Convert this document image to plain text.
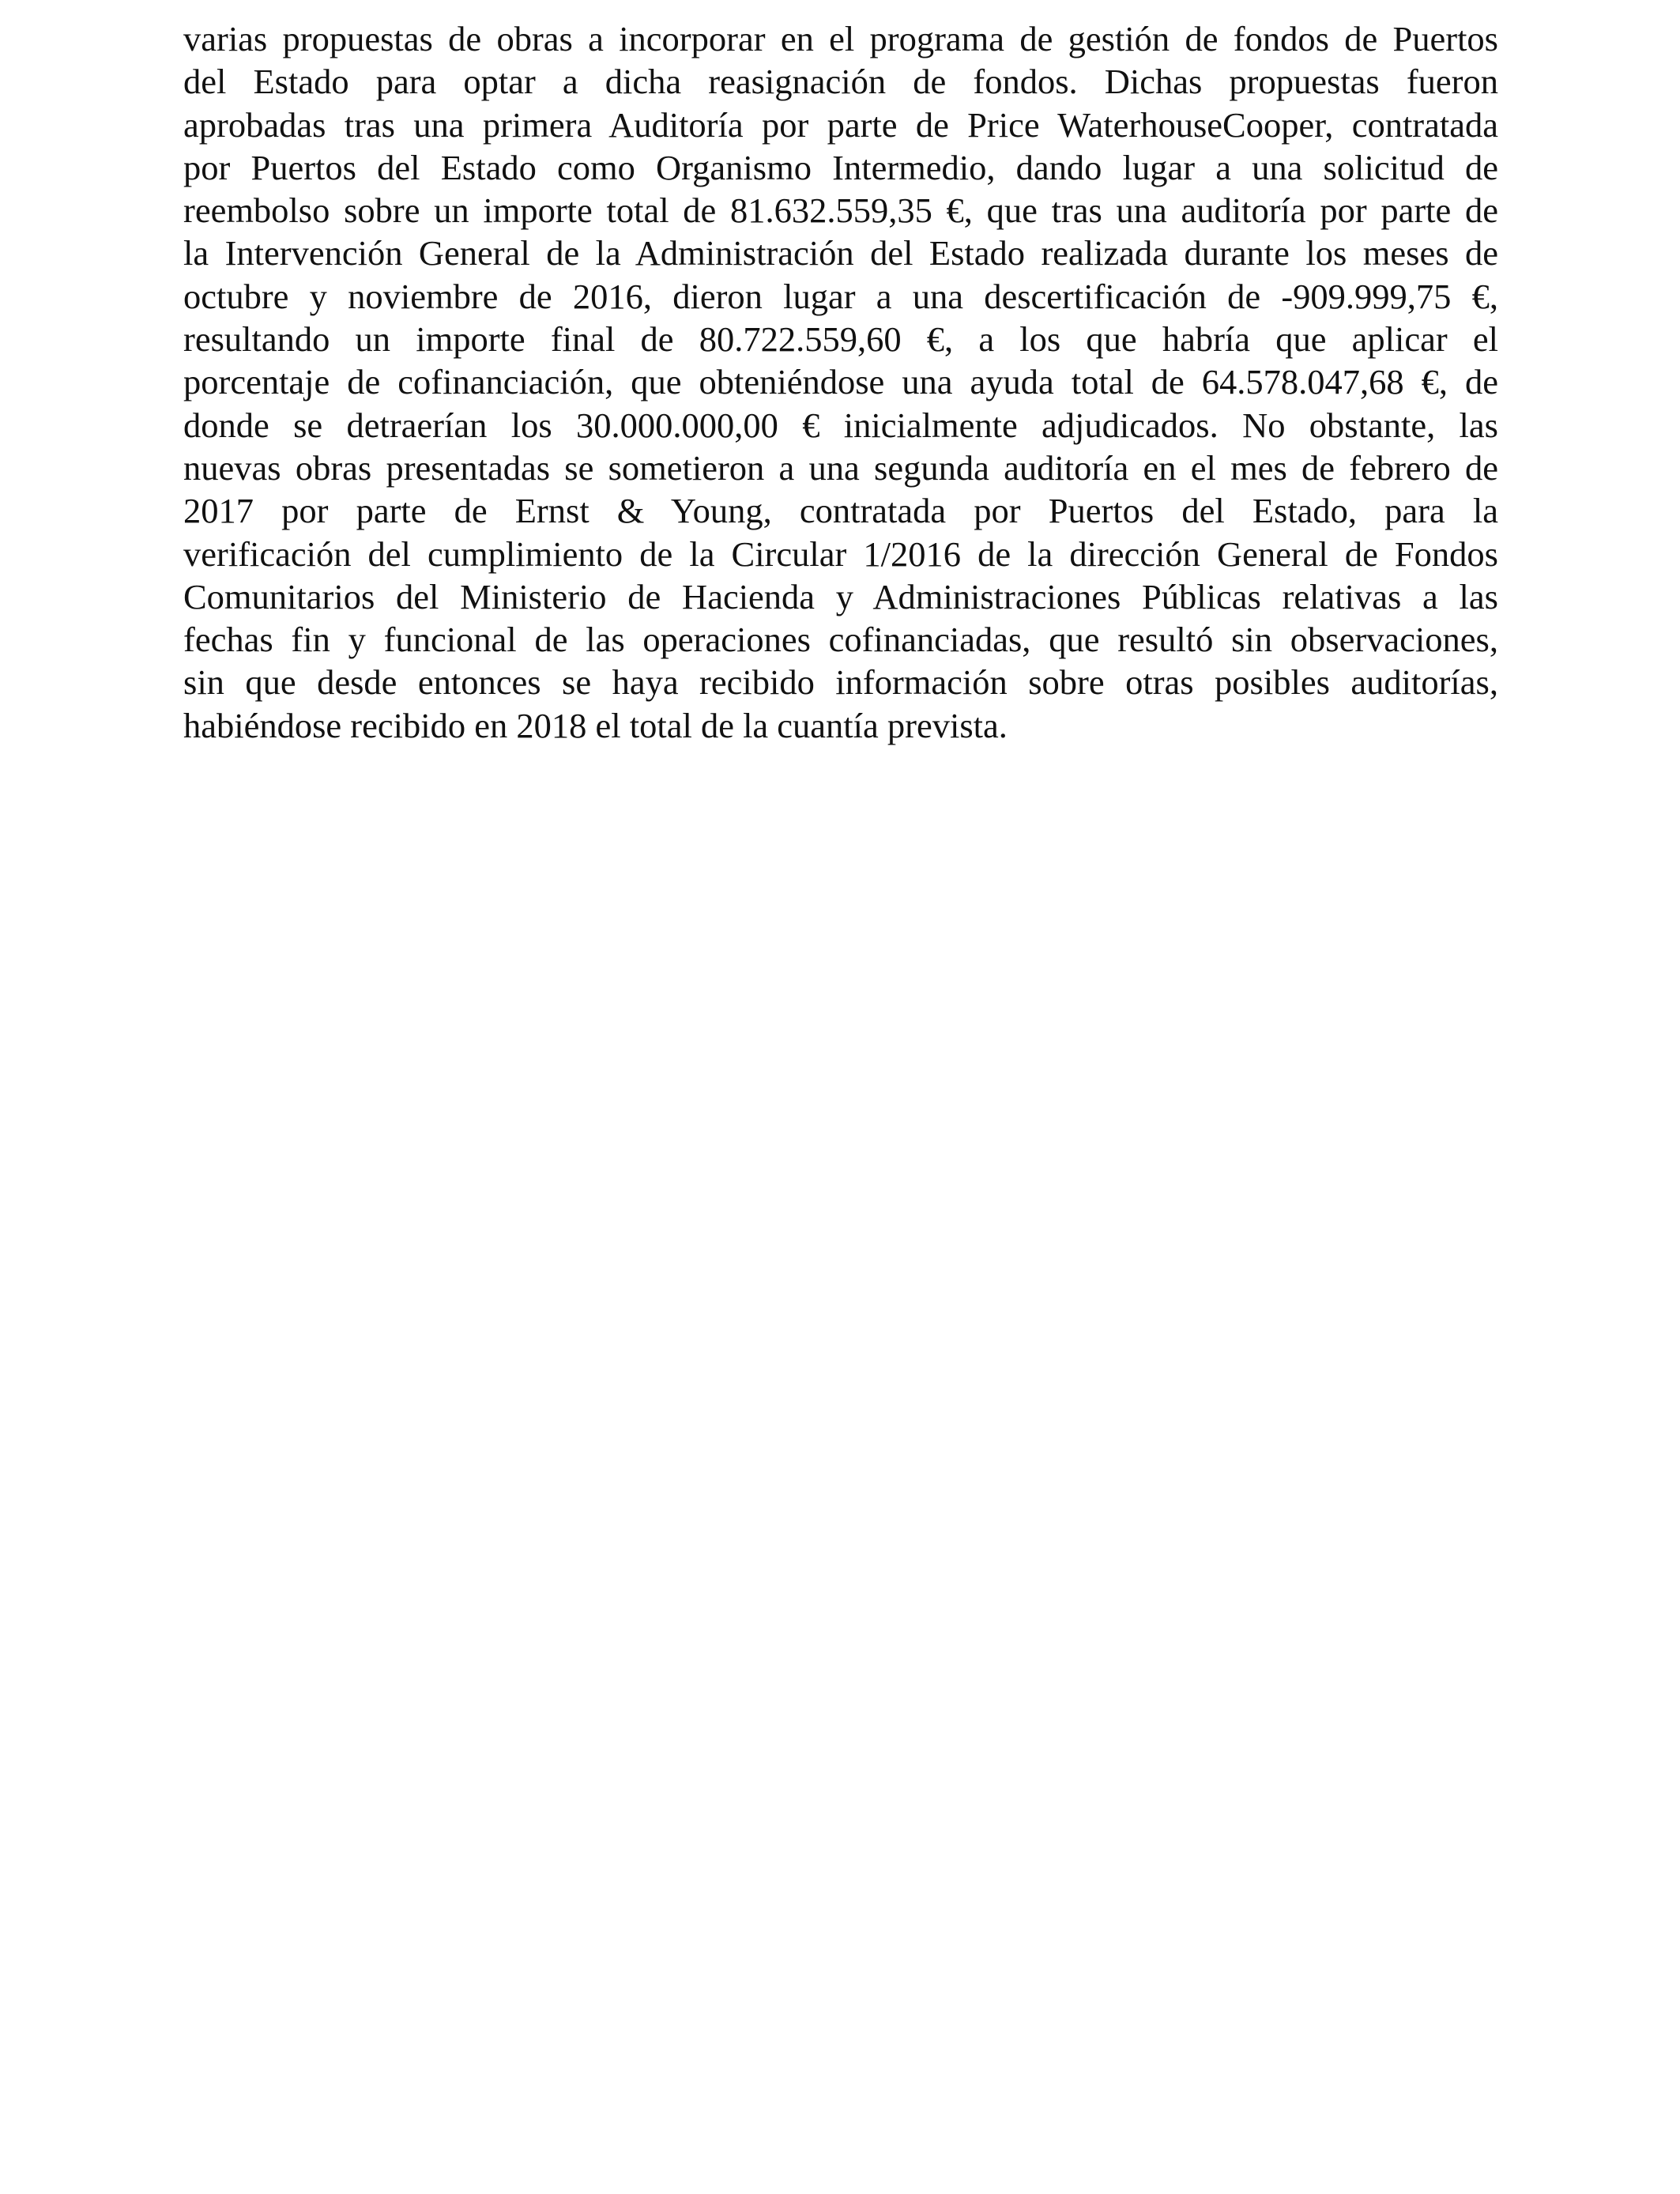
varias propuestas de obras a incorporar en el programa de gestión de fondos de Puertos
del Estado para optar a dicha reasignación de fondos. Dichas propuestas fueron
aprobadas tras una primera Auditoría por parte de Price WaterhouseCooper, contratada
por Puertos del Estado como Organismo Intermedio, dando lugar a una solicitud de
reembolso sobre un importe total de 81.632.559,35 €, que tras una auditoría por parte de
la Intervención General de la Administración del Estado realizada durante los meses de
octubre y noviembre de 2016, dieron lugar a una descertificación de -909.999,75 €,
resultando un importe final de 80.722.559,60 €, a los que habría que aplicar el
porcentaje de cofinanciación, que obteniéndose una ayuda total de 64.578.047,68 €, de
donde se detraerían los 30.000.000,00 € inicialmente adjudicados. No obstante, las
nuevas obras presentadas se sometieron a una segunda auditoría en el mes de febrero de
2017 por parte de Ernst & Young, contratada por Puertos del Estado, para la
verificación del cumplimiento de la Circular 1/2016 de la dirección General de Fondos
Comunitarios del Ministerio de Hacienda y Administraciones Públicas relativas a las
fechas fin y funcional de las operaciones cofinanciadas, que resultó sin observaciones,
sin que desde entonces se haya recibido información sobre otras posibles auditorías,
habiéndose recibido en 2018 el total de la cuantía prevista.
